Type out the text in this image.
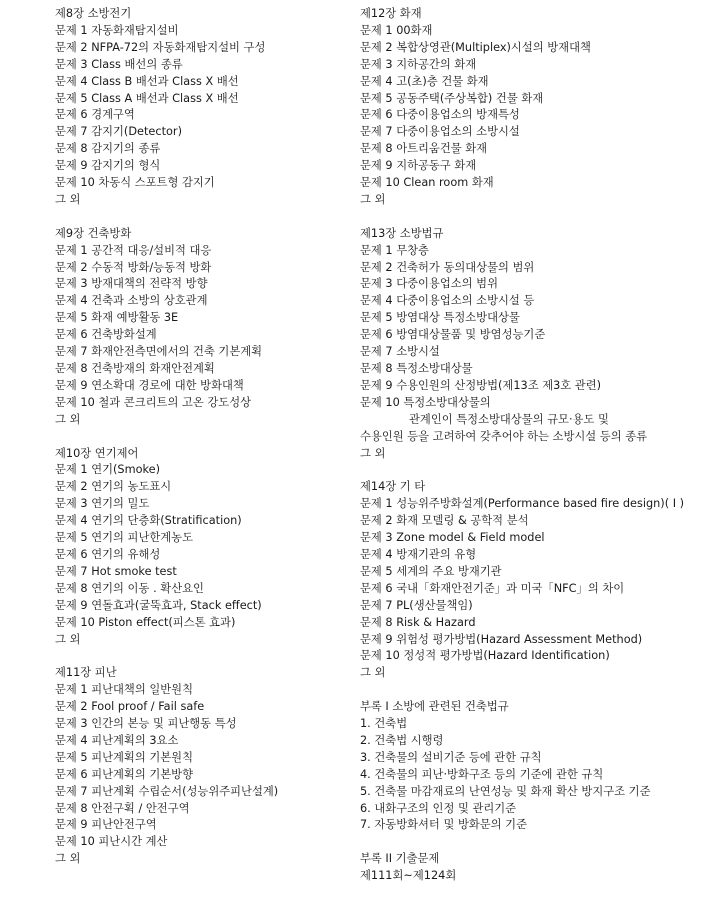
제8장 소방전기
문제 1 자동화재탐지설비
문제 2 NFPA-72의 자동화재탐지설비 구성
문제 3 Class 배선의 종류
문제 4 Class B 배선과 Class X 배선
문제 5 Class A 배선과 Class X 배선
문제 6 경계구역
문제 7 감지기(Detector)
문제 8 감지기의 종류
문제 9 감지기의 형식
문제 10 차동식 스포트형 감지기
그 외
제9장 건축방화
문제 1 공간적 대응/설비적 대응
문제 2 수동적 방화/능동적 방화
문제 3 방재대책의 전략적 방향
문제 4 건축과 소방의 상호관계
문제 5 화재 예방활동 3E
문제 6 건축방화설계
문제 7 화재안전측면에서의 건축 기본계획
문제 8 건축방재의 화재안전계획
문제 9 연소확대 경로에 대한 방화대책
문제 10 철과 콘크리트의 고온 강도성상
그 외
제10장 연기제어
문제 1 연기(Smoke)
문제 2 연기의 농도표시
문제 3 연기의 밀도
문제 4 연기의 단층화(Stratification)
문제 5 연기의 피난한계농도
문제 6 연기의 유해성
문제 7 Hot smoke test
문제 8 연기의 이동 ․ 확산요인
문제 9 연돌효과(굴뚝효과, Stack effect)
문제 10 Piston effect(피스톤 효과)
그 외
제11장 피난
문제 1 피난대책의 일반원칙
문제 2 Fool proof / Fail safe
문제 3 인간의 본능 및 피난행동 특성
문제 4 피난계획의 3요소
문제 5 피난계획의 기본원칙
문제 6 피난계획의 기본방향
문제 7 피난계획 수립순서(성능위주피난설계)
문제 8 안전구획 / 안전구역
문제 9 피난안전구역
문제 10 피난시간 계산
그 외
제12장 화재
문제 1 00화재
문제 2 복합상영관(Multiplex)시설의 방재대책
문제 3 지하공간의 화재
문제 4 고(초)층 건물 화재
문제 5 공동주택(주상복합) 건물 화재
문제 6 다중이용업소의 방재특성
문제 7 다중이용업소의 소방시설
문제 8 아트리움건물 화재
문제 9 지하공동구 화재
문제 10 Clean room 화재
그 외
제13장 소방법규
문제 1 무창층
문제 2 건축허가 동의대상물의 범위
문제 3 다중이용업소의 범위
문제 4 다중이용업소의 소방시설 등
문제 5 방염대상 특정소방대상물
문제 6 방염대상물품 및 방염성능기준
문제 7 소방시설
문제 8 특정소방대상물
문제 9 수용인원의 산정방법(제13조 제3호 관련)
문제 10 특정소방대상물의
관계인이 특정소방대상물의 규모·용도 및
수용인원 등을 고려하여 갖추어야 하는 소방시설 등의 종류
그 외
제14장 기 타
문제 1 성능위주방화설계(Performance based fire design)( I )
문제 2 화재 모델링 & 공학적 분석
문제 3 Zone model & Field model
문제 4 방재기관의 유형
문제 5 세계의 주요 방재기관
문제 6 국내「화재안전기준」과 미국「NFC」의 차이
문제 7 PL(생산물책임)
문제 8 Risk & Hazard
문제 9 위험성 평가방법(Hazard Assessment Method)
문제 10 정성적 평가방법(Hazard Identification)
그 외
부록 I 소방에 관련된 건축법규
1. 건축법
2. 건축법 시행령
3. 건축물의 설비기준 등에 관한 규칙
4. 건축물의 피난·방화구조 등의 기준에 관한 규칙
5. 건축물 마감재료의 난연성능 및 화재 확산 방지구조 기준
6. 내화구조의 인정 및 관리기준
7. 자동방화셔터 및 방화문의 기준
부록 II 기출문제
제111회~제124회
